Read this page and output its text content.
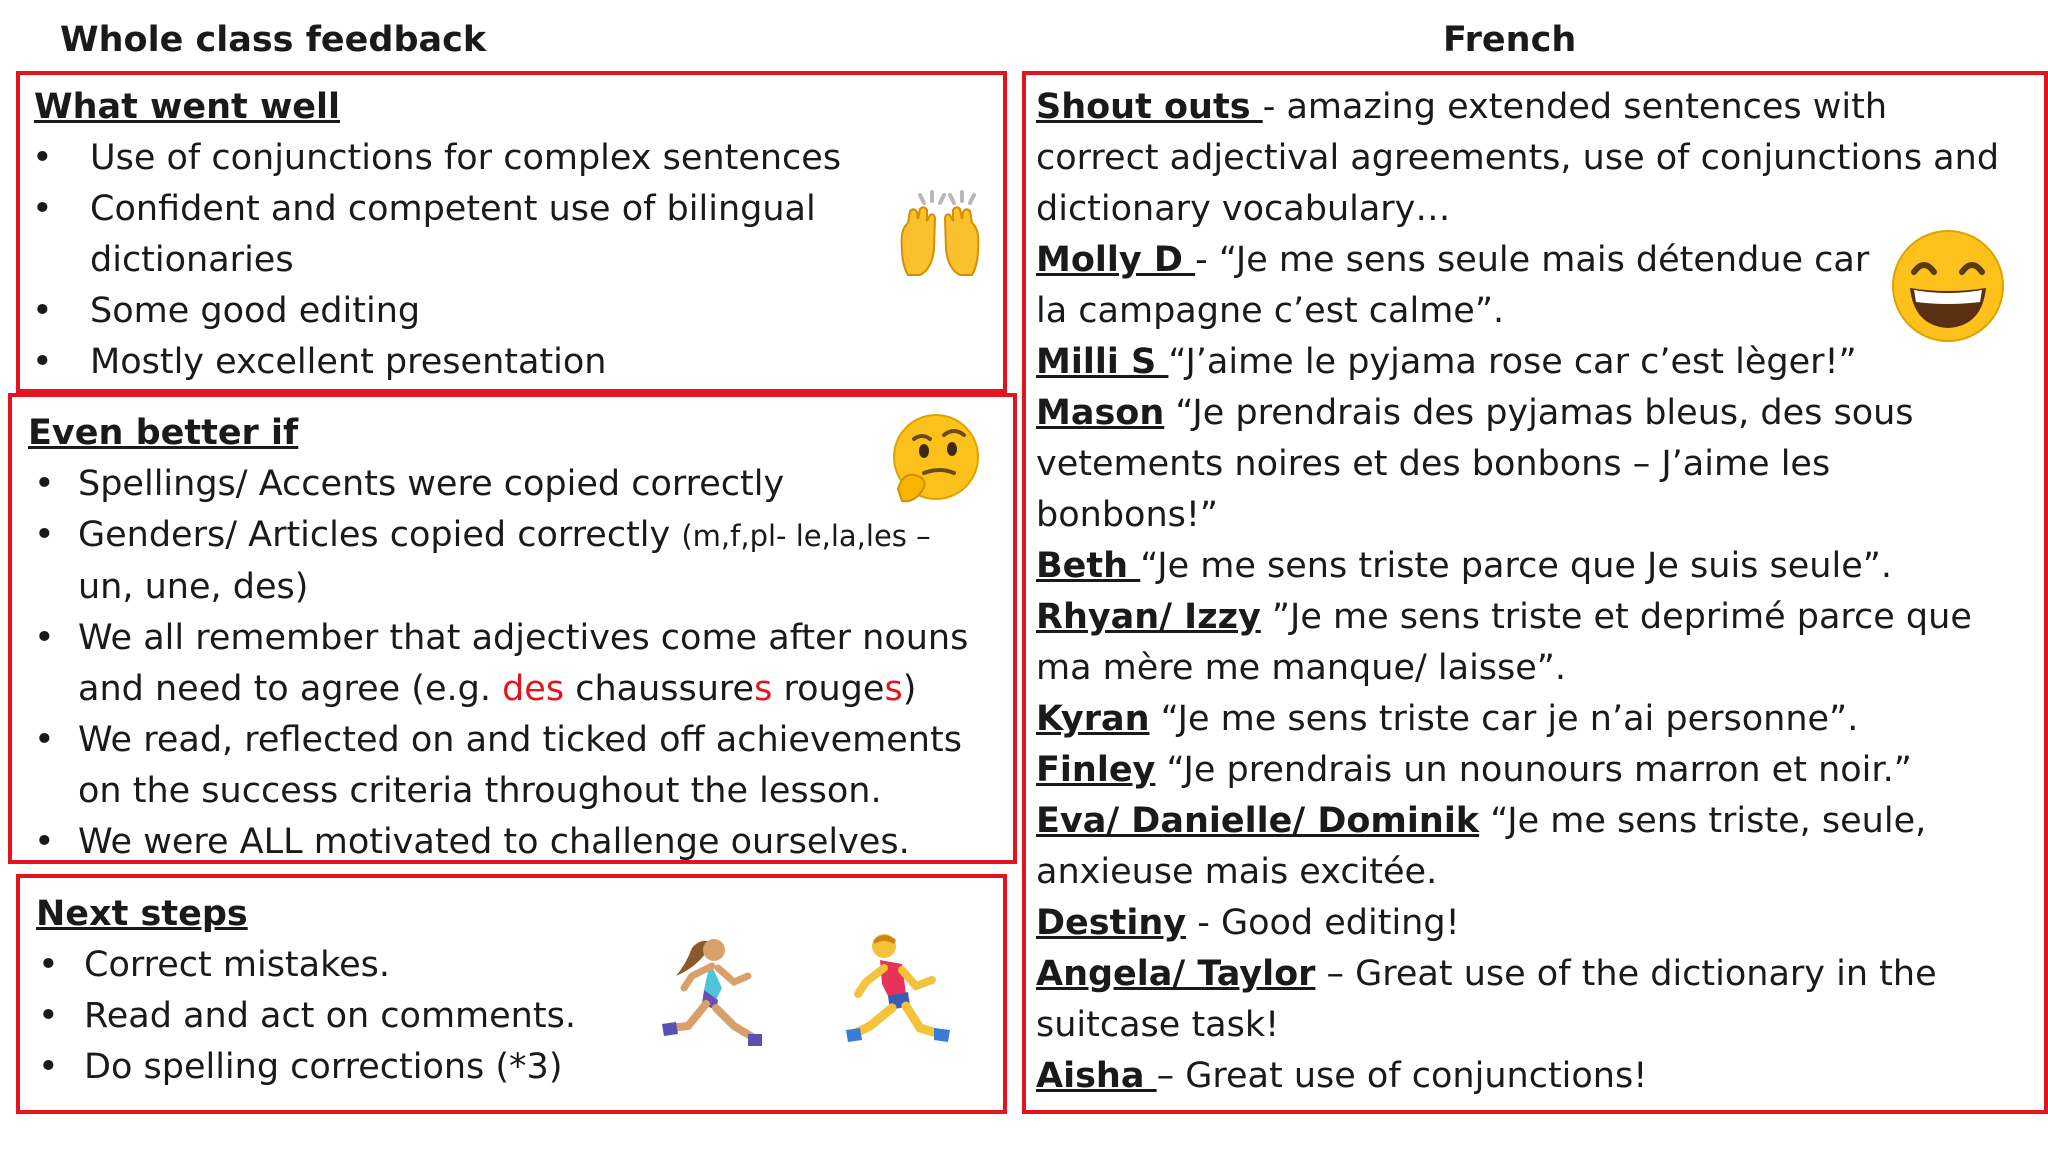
Whole class feedback	French
What went well
• Use of conjunctions for complex sentences
• Confident and competent use of bilingual dictionaries
• Some good editing
• Mostly excellent presentation
Even better if
• Spellings/ Accents were copied correctly
• Genders/ Articles copied correctly (m,f,pl- le,la,les –
un, une, des)
• We all remember that adjectives come after nouns and need to agree (e.g. des chaussures rouges)
• We read, reflected on and ticked off achievements on the success criteria throughout the lesson.
• We were ALL motivated to challenge ourselves.
Next steps
• Correct mistakes.
• Read and act on comments.
• Do spelling corrections (*3)

Shout outs - amazing extended sentences with correct adjectival agreements, use of conjunctions and dictionary vocabulary…

Molly D - “Je me sens seule mais détendue car la campagne c’est calme”.

Milli S “J’aime le pyjama rose car c’est lèger!”

Mason “Je prendrais des pyjamas bleus, des sous vetements noires et des bonbons – J’aime les bonbons!”

Beth “Je me sens triste parce que Je suis seule”.

Rhyan/ Izzy ”Je me sens triste et deprimé parce que ma mère me manque/ laisse”.

Kyran “Je me sens triste car je n’ai personne”.

Finley “Je prendrais un nounours marron et noir.”

Eva/ Danielle/ Dominik “Je me sens triste, seule, anxieuse mais excitée.

Destiny - Good editing!

Angela/ Taylor – Great use of the dictionary in the suitcase task!

Aisha – Great use of conjunctions!
